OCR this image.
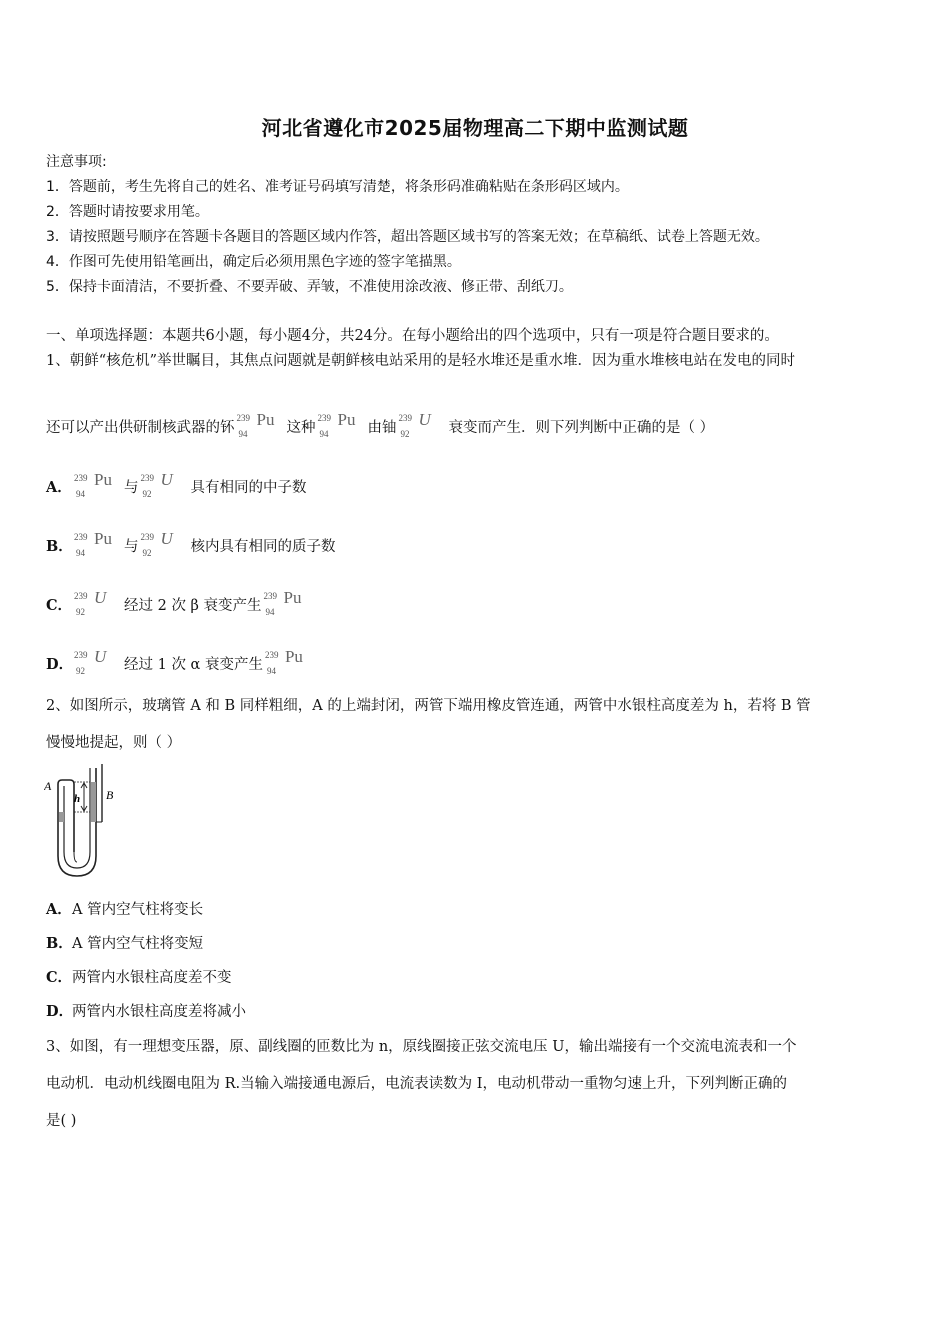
河北省遵化市2025届物理高二下期中监测试题
注意事项:
1．答题前，考生先将自己的姓名、准考证号码填写清楚，将条形码准确粘贴在条形码区域内。
2．答题时请按要求用笔。
3．请按照题号顺序在答题卡各题目的答题区域内作答，超出答题区域书写的答案无效；在草稿纸、试卷上答题无效。
4．作图可先使用铅笔画出，确定后必须用黑色字迹的签字笔描黑。
5．保持卡面清洁，不要折叠、不要弄破、弄皱，不准使用涂改液、修正带、刮纸刀。
一、单项选择题：本题共6小题，每小题4分，共24分。在每小题给出的四个选项中，只有一项是符合题目要求的。
1、朝鲜“核危机”举世瞩目，其焦点问题就是朝鲜核电站采用的是轻水堆还是重水堆．因为重水堆核电站在发电的同时
还可以产出供研制核武器的钚
239
94
Pu 这种
239
94
Pu 由铀
239
92
U 衰变而产生．则下列判断中正确的是（ ）
A．
239
94
Pu 与
239
92
U 具有相同的中子数
B．
239
94
Pu 与
239
92
U 核内具有相同的质子数
C．
239
92
U 经过 2 次 β 衰变产生
239
94
Pu
D．
239
92
U 经过 1 次 α 衰变产生
239
94
Pu
2、如图所示，玻璃管 A 和 B 同样粗细，A 的上端封闭，两管下端用橡皮管连通，两管中水银柱高度差为 h，若将 B 管
慢慢地提起，则（ ）
A
B
h
A．A 管内空气柱将变长
B．A 管内空气柱将变短
C．两管内水银柱高度差不变
D．两管内水银柱高度差将减小
3、如图，有一理想变压器，原、副线圈的匝数比为 n，原线圈接正弦交流电压 U，输出端接有一个交流电流表和一个
电动机．电动机线圈电阻为 R.当输入端接通电源后，电流表读数为 I，电动机带动一重物匀速上升，下列判断正确的
是( )
